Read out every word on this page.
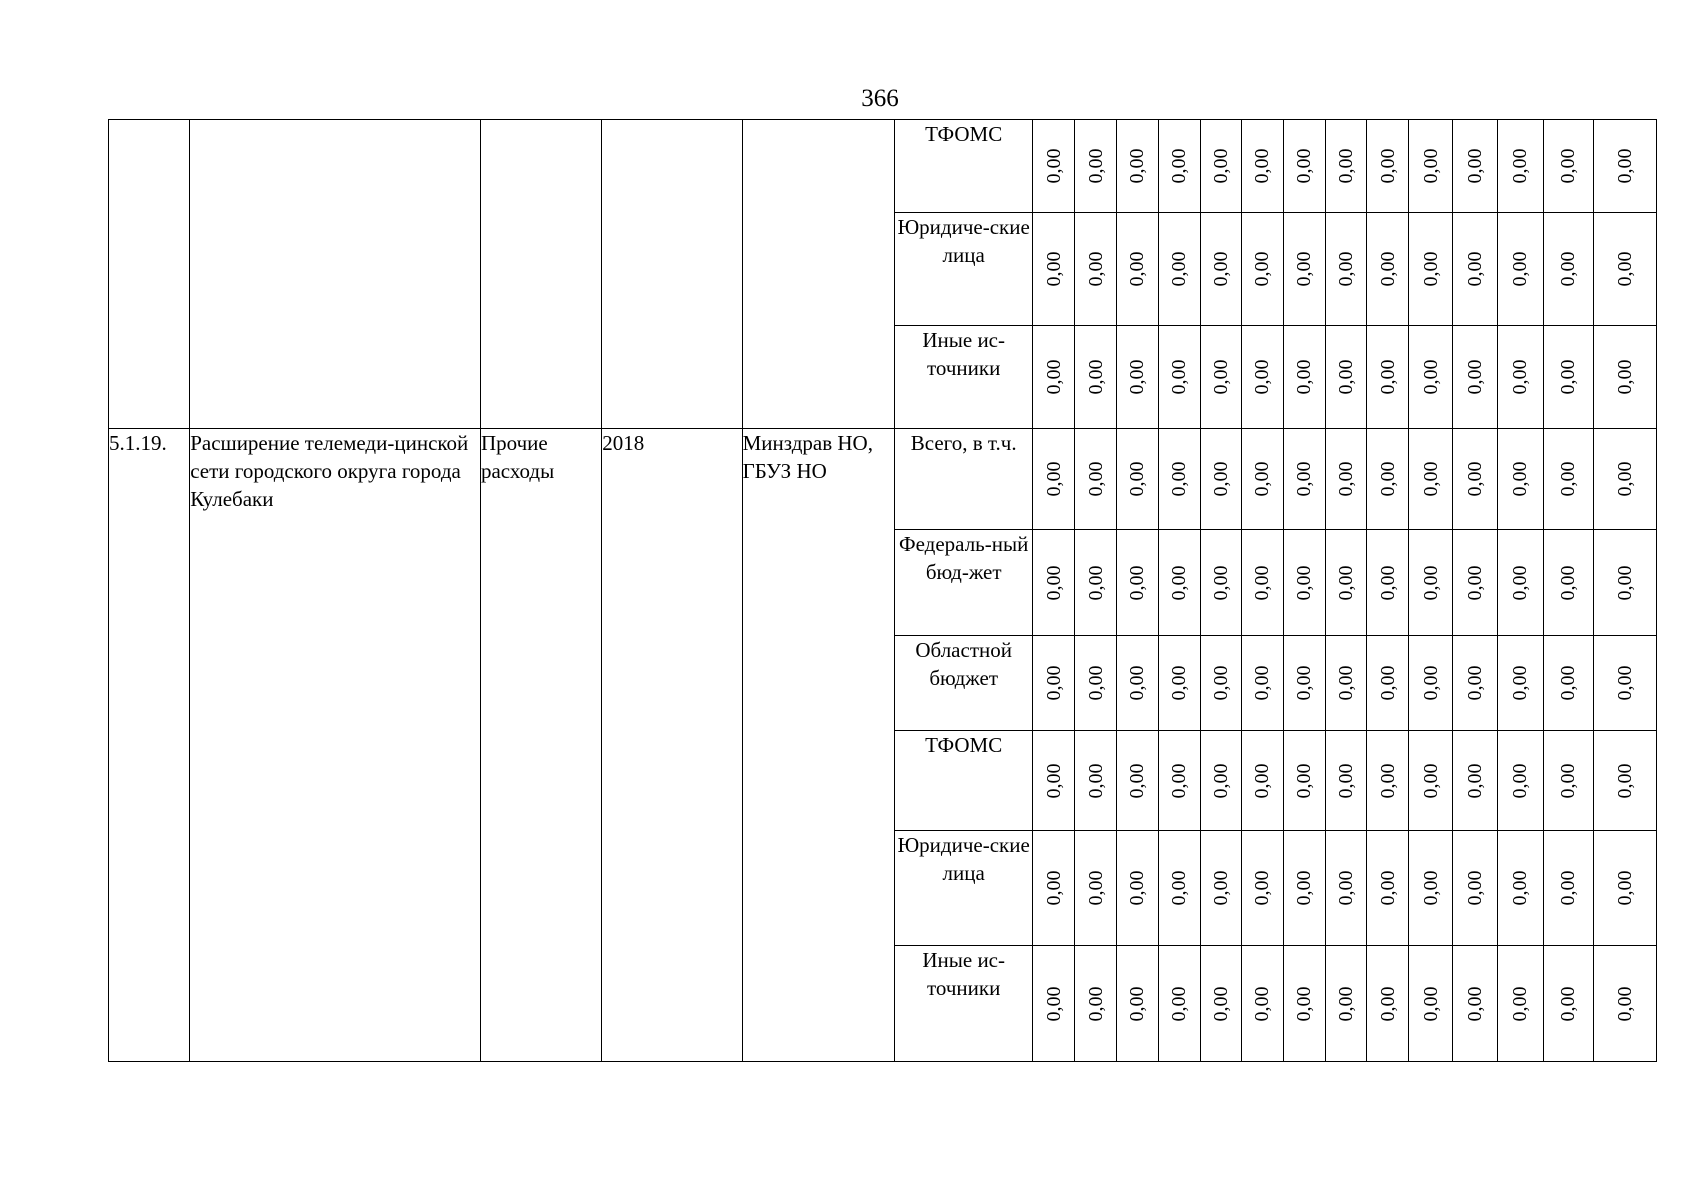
366
					ТФОМС	0,00	0,00	0,00	0,00	0,00	0,00	0,00	0,00	0,00	0,00	0,00	0,00	0,00	0,00

					Юридиче-ские лица	0,00	0,00	0,00	0,00	0,00	0,00	0,00	0,00	0,00	0,00	0,00	0,00	0,00	0,00

					Иные ис-точники	0,00	0,00	0,00	0,00	0,00	0,00	0,00	0,00	0,00	0,00	0,00	0,00	0,00	0,00

5.1.19.	Расширение телемеди-цинской сети городского округа города Кулебаки	Прочие расходы	2018	Минздрав НО, ГБУЗ НО	Всего, в т.ч.	0,00	0,00	0,00	0,00	0,00	0,00	0,00	0,00	0,00	0,00	0,00	0,00	0,00	0,00

					Федераль-ный бюд-жет	0,00	0,00	0,00	0,00	0,00	0,00	0,00	0,00	0,00	0,00	0,00	0,00	0,00	0,00

					Областной бюджет	0,00	0,00	0,00	0,00	0,00	0,00	0,00	0,00	0,00	0,00	0,00	0,00	0,00	0,00

					ТФОМС	0,00	0,00	0,00	0,00	0,00	0,00	0,00	0,00	0,00	0,00	0,00	0,00	0,00	0,00

					Юридиче-ские лица	0,00	0,00	0,00	0,00	0,00	0,00	0,00	0,00	0,00	0,00	0,00	0,00	0,00	0,00

					Иные ис-точники	0,00	0,00	0,00	0,00	0,00	0,00	0,00	0,00	0,00	0,00	0,00	0,00	0,00	0,00
